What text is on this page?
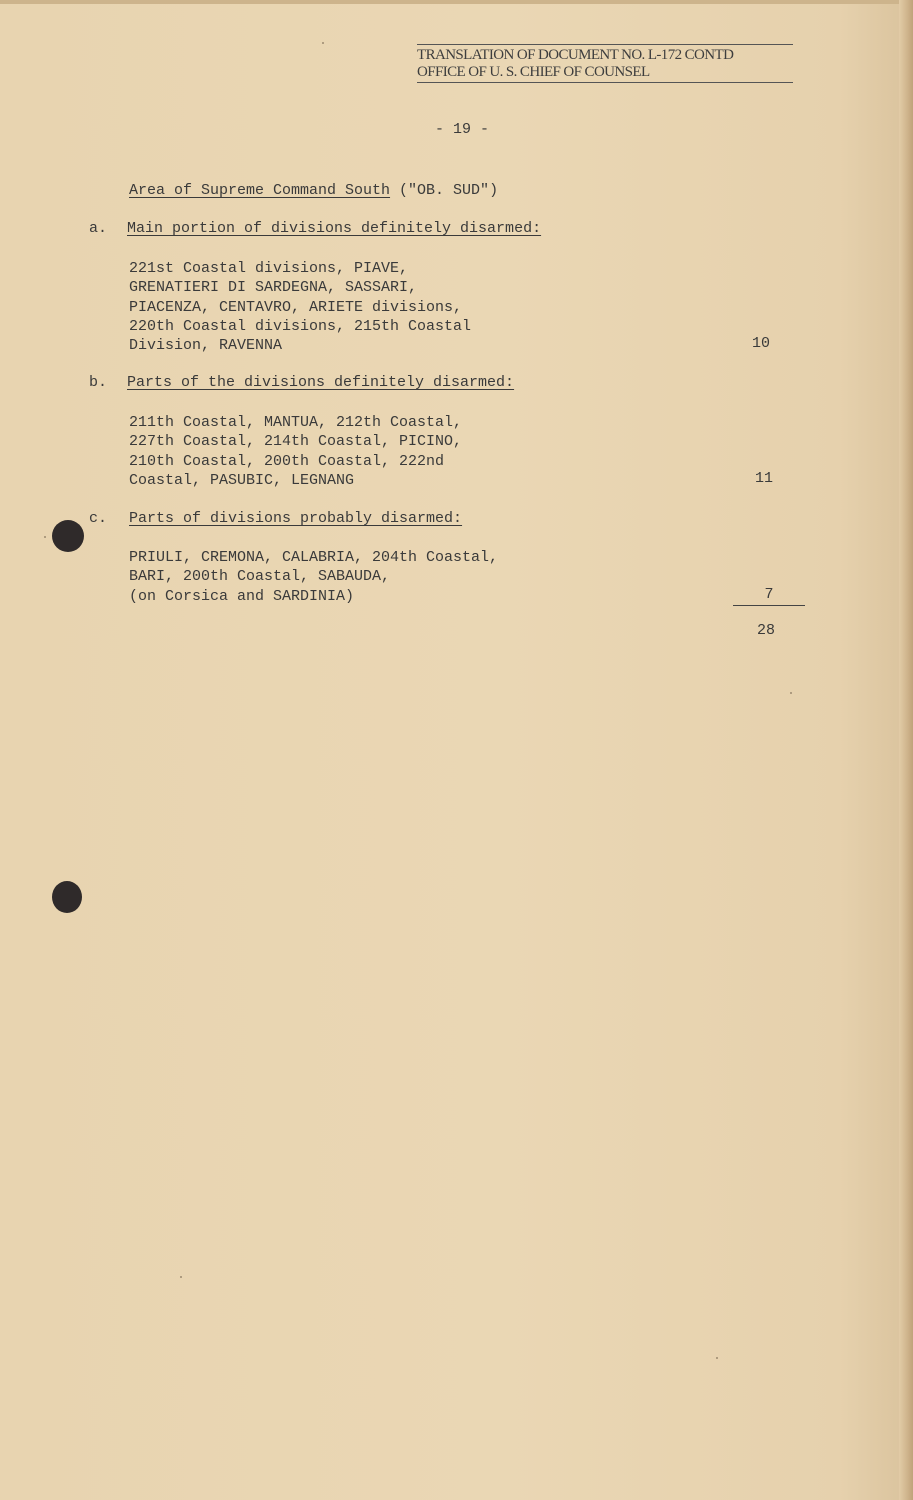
TRANSLATION OF DOCUMENT NO. L-172 CONTD
OFFICE OF U. S. CHIEF OF COUNSEL
- 19 -
Area of Supreme Command South ("OB. SUD")
a. Main portion of divisions definitely disarmed:
221st Coastal divisions, PIAVE,
GRENATIERI DI SARDEGNA, SASSARI,
PIACENZA, CENTAVRO, ARIETE divisions,
220th Coastal divisions, 215th Coastal
Division, RAVENNA	10
b. Parts of the divisions definitely disarmed:
211th Coastal, MANTUA, 212th Coastal,
227th Coastal, 214th Coastal, PICINO,
210th Coastal, 200th Coastal, 222nd
Coastal, PASUBIC, LEGNANG	11
c. Parts of divisions probably disarmed:
PRIULI, CREMONA, CALABRIA, 204th Coastal,
BARI, 200th Coastal, SABAUDA,
(on Corsica and SARDINIA)	7
28
